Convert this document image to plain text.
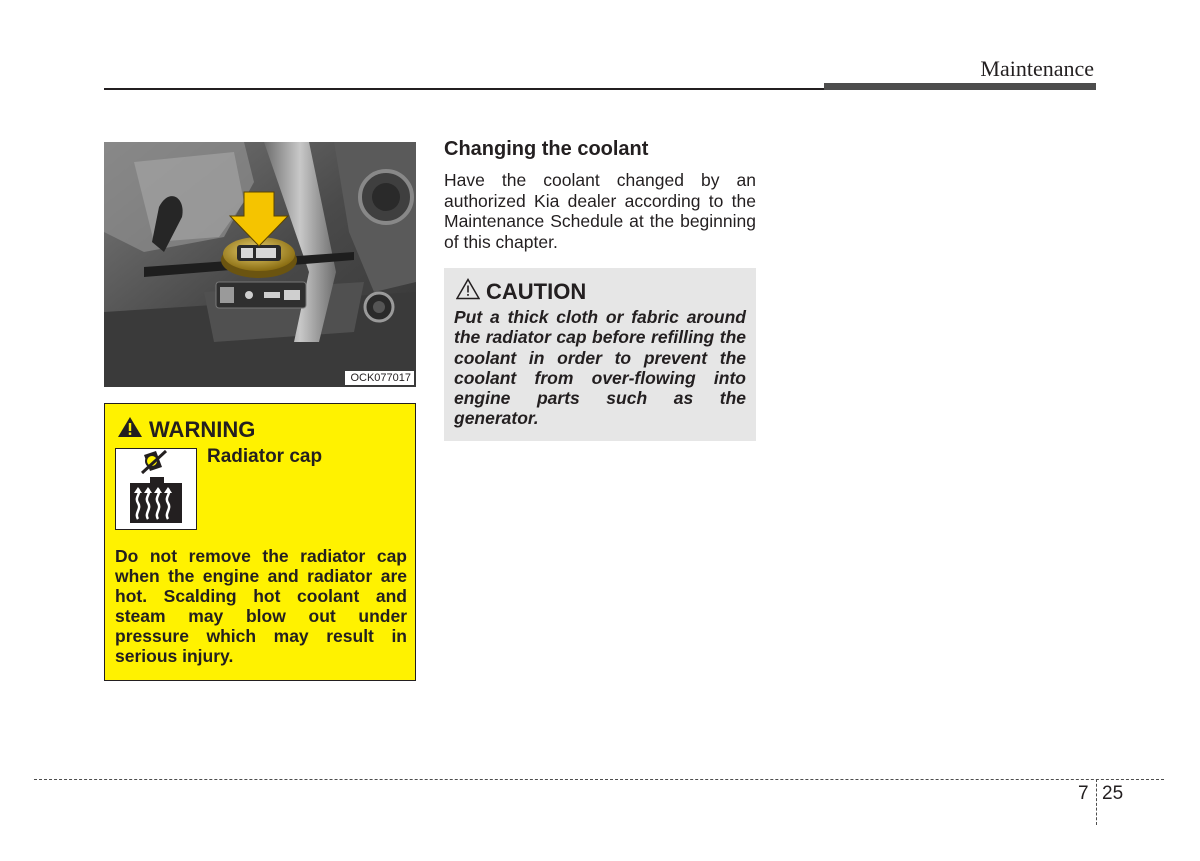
Maintenance
OCK077017
WARNING
Radiator cap
Do not remove the radiator cap when the engine and radiator are hot. Scalding hot coolant and steam may blow out under pressure which may result in serious injury.
Changing the coolant
Have the coolant changed by an authorized Kia dealer according to the Maintenance Schedule at the beginning of this chapter.
CAUTION
Put a thick cloth or fabric around the radiator cap before refilling the coolant in order to prevent the coolant from over-flowing into engine parts such as the generator.
7 25
